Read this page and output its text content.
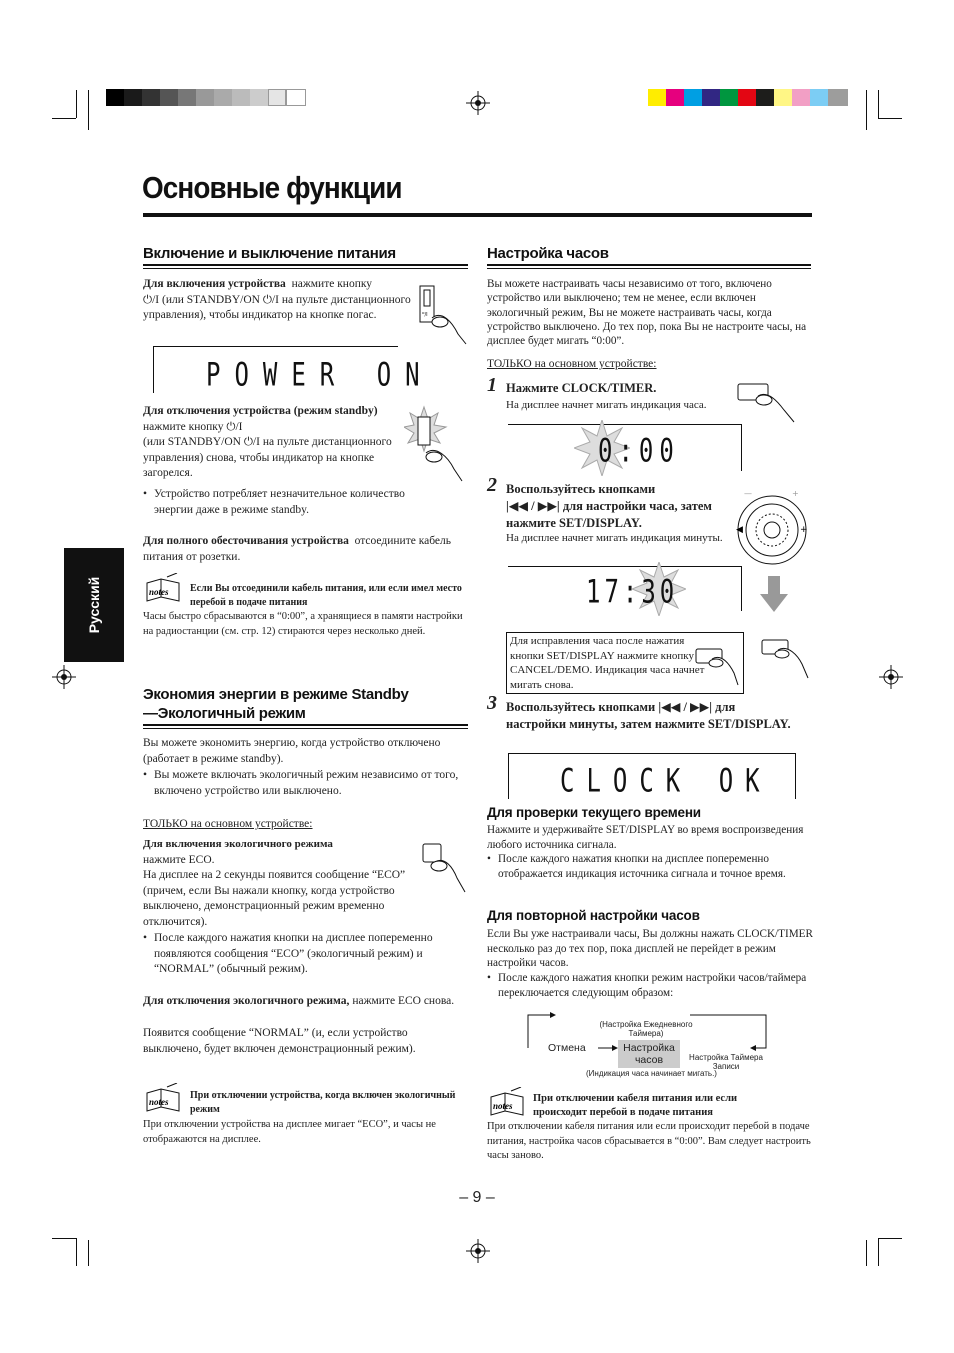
Основные функции
Русский
Включение и выключение питания
Для включения устройства нажмите кнопку
⏻/I (или STANDBY/ON ⏻/I на пульте дистанционного управления), чтобы индикатор на кнопке погас.	ᴼ/I
POWER ON
Для отключения устройства (режим standby)  нажмите кнопку ⏻/I
(или STANDBY/ON ⏻/I на пульте дистанционного управления) снова, чтобы индикатор на кнопке загорелся.
• Устройство потребляет незначительное количество энергии даже в режиме standby.
Для полного обесточивания устройства отсоедините кабель питания от розетки.
notes Если Вы отсоединили кабель питания, или если имел место перебой в подаче питания
Часы быстро сбрасываются в “0:00”, а хранящиеся в памяти настройки на радиостанции (см. стр. 12) стираются через несколько дней.
Экономия энергии в режиме Standby
—Экологичный режим
Вы можете экономить энергию, когда устройство отключено (работает в режиме standby).
• Вы можете включать экологичный режим независимо от того, включено устройство или выключено.
ТОЛЬКО на основном устройстве:
Для включения экологичного режима
нажмите ECO.
На дисплее на 2 секунды появится сообщение “ECO” (причем, если Вы нажали кнопку, когда устройство выключено, демонстрационный режим временно отключится).
• После каждого нажатия кнопки на дисплее попеременно появляются сообщения “ECO” (экологичный режим) и “NORMAL” (обычный режим).
Для отключения экологичного режима, нажмите ECO снова.
Появится сообщение “NORMAL” (и, если устройство выключено, будет включен демонстрационный режим).
notes
При отключении устройства, когда включен экологичный режим
При отключении устройства на дисплее мигает “ECO”, и часы не отображаются на дисплее.
Настройка часов
Вы можете настраивать часы независимо от того, включено устройство или выключено; тем не менее, если включен экологичный режим, Вы не можете настраивать часы, когда устройство выключено. До тех пор, пока Вы не настроите часы, на дисплее будет мигать “0:00”.
ТОЛЬКО на основном устройстве:
1 Нажмите CLOCK/TIMER.
На дисплее начнет мигать индикация часа.
0:00
2 Воспользуйтесь кнопками
|◀◀ / ▶▶| для настройки часа, затем нажмите SET/DISPLAY.
На дисплее начнет мигать индикация минуты.
◀	+
—	+
17:30
Для исправления часа после нажатия кнопки SET/DISPLAY нажмите кнопку CANCEL/DEMO. Индикация часа начнет мигать снова.
3 Воспользуйтесь кнопками |◀◀ / ▶▶| для настройки минуты, затем нажмите SET/DISPLAY.
CLOCK OK
Для проверки текущего времени
Нажмите и удерживайте SET/DISPLAY во время воспроизведения любого источника сигнала.
• После каждого нажатия кнопки на дисплее попеременно отображается индикация источника сигнала и точное время.
Для повторной настройки часов
Если Вы уже настраивали часы, Вы должны нажать CLOCK/TIMER несколько раз до тех пор, пока дисплей не перейдет в режим настройки часов.
• После каждого нажатия кнопки режим настройки часов/таймера переключается следующим образом:
(Настройка Ежедневного Таймера)
Отмена	Настройка часов	Настройка Таймера Записи
(Индикация часа начинает мигать.)
notes
При отключении кабеля питания или если происходит перебой в подаче питания
При отключении кабеля питания или если происходит перебой в подаче питания, настройка часов сбрасывается в “0:00”. Вам следует настроить часы заново.
– 9 –
